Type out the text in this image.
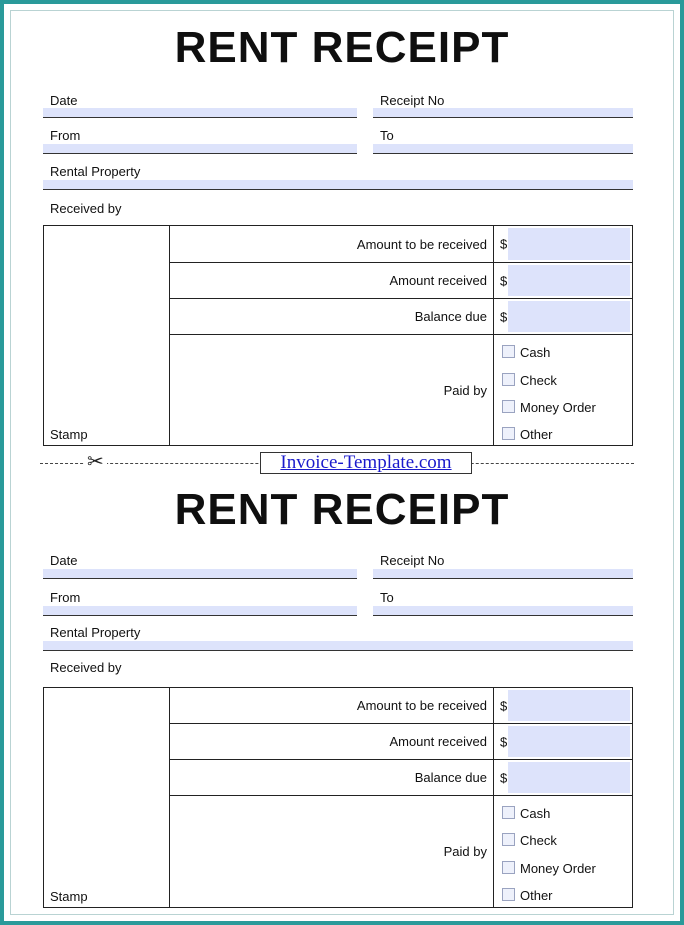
RENT RECEIPT
Date	Receipt No
From	To
Rental Property
Received by
Stamp	Amount to be received	$

	Amount received	$

	Balance due	$

	Paid by	Cash
Check
Money Order
Other
✂	Invoice-Template.com
RENT RECEIPT
Date	Receipt No
From	To
Rental Property
Received by
Stamp	Amount to be received	$

	Amount received	$

	Balance due	$

	Paid by	Cash
Check
Money Order
Other
